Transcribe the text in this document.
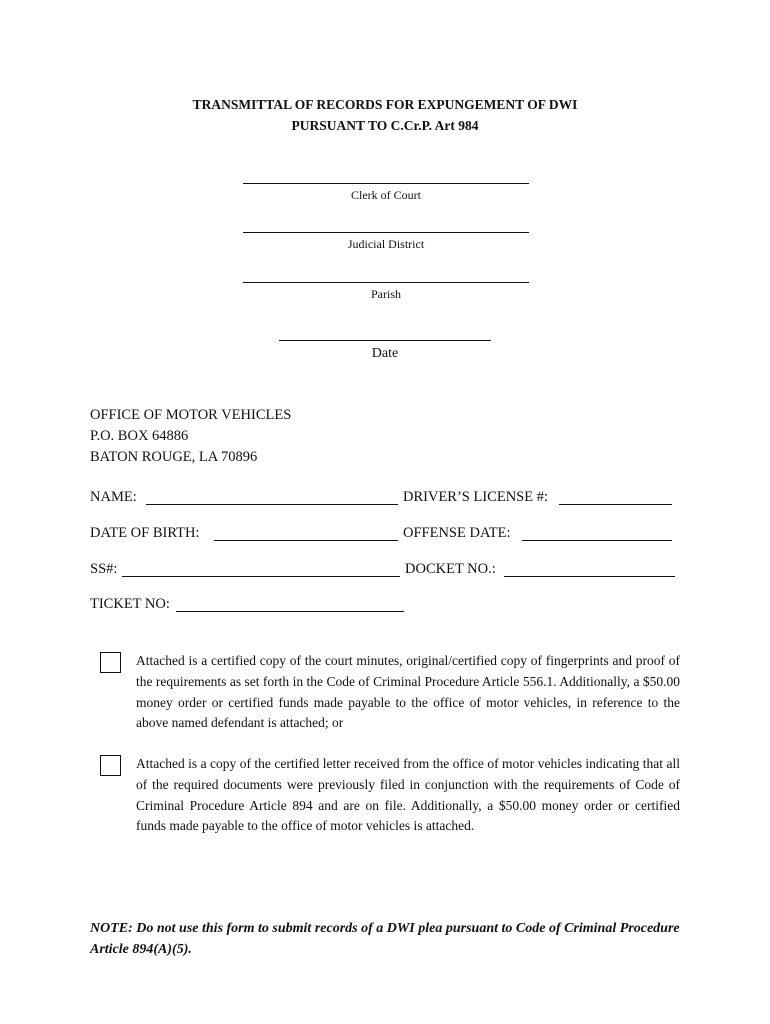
TRANSMITTAL OF RECORDS FOR EXPUNGEMENT OF DWI
PURSUANT TO C.Cr.P. Art 984
Clerk of Court
Judicial District
Parish
Date
OFFICE OF MOTOR VEHICLES
P.O. BOX 64886
BATON ROUGE, LA 70896
NAME:	DRIVER’S LICENSE #:
DATE OF BIRTH:	OFFENSE DATE:
SS#:	DOCKET NO.:
TICKET NO:
Attached is a certified copy of the court minutes, original/certified copy of fingerprints and proof of the requirements as set forth in the Code of Criminal Procedure Article 556.1. Additionally, a $50.00 money order or certified funds made payable to the office of motor vehicles, in reference to the above named defendant is attached; or
Attached is a copy of the certified letter received from the office of motor vehicles indicating that all of the required documents were previously filed in conjunction with the requirements of Code of Criminal Procedure Article 894 and are on file. Additionally, a $50.00 money order or certified funds made payable to the office of motor vehicles is attached.
NOTE: Do not use this form to submit records of a DWI plea pursuant to Code of Criminal Procedure Article 894(A)(5).
